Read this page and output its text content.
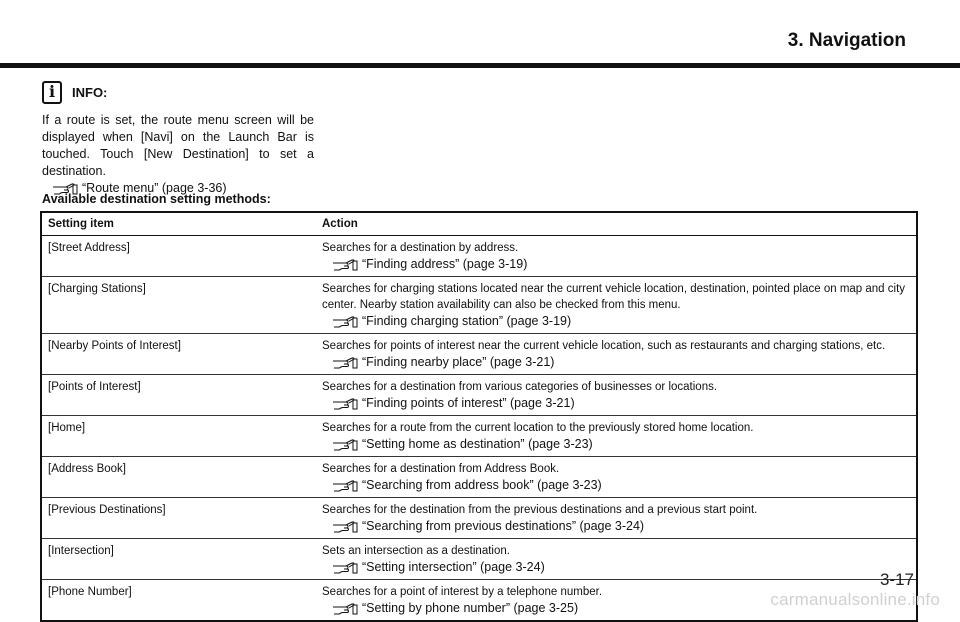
3. Navigation
i	INFO:
If a route is set, the route menu screen will be displayed when [Navi] on the Launch Bar is touched. Touch [New Destination] to set a destination.
“Route menu” (page 3-36)
Available destination setting methods:
Setting item	Action
[Street Address]	Searches for a destination by address.
“Finding address” (page 3-19)

[Charging Stations]	Searches for charging stations located near the current vehicle location, destination, pointed place on map and city center. Nearby station availability can also be checked from this menu.
“Finding charging station” (page 3-19)

[Nearby Points of Interest]	Searches for points of interest near the current vehicle location, such as restaurants and charging stations, etc.
“Finding nearby place” (page 3-21)

[Points of Interest]	Searches for a destination from various categories of businesses or locations.
“Finding points of interest” (page 3-21)

[Home]	Searches for a route from the current location to the previously stored home location.
“Setting home as destination” (page 3-23)

[Address Book]	Searches for a destination from Address Book.
“Searching from address book” (page 3-23)

[Previous Destinations]	Searches for the destination from the previous destinations and a previous start point.
“Searching from previous destinations” (page 3-24)

[Intersection]	Sets an intersection as a destination.
“Setting intersection” (page 3-24)

[Phone Number]	Searches for a point of interest by a telephone number.
“Setting by phone number” (page 3-25)
3-17
carmanualsonline.info
